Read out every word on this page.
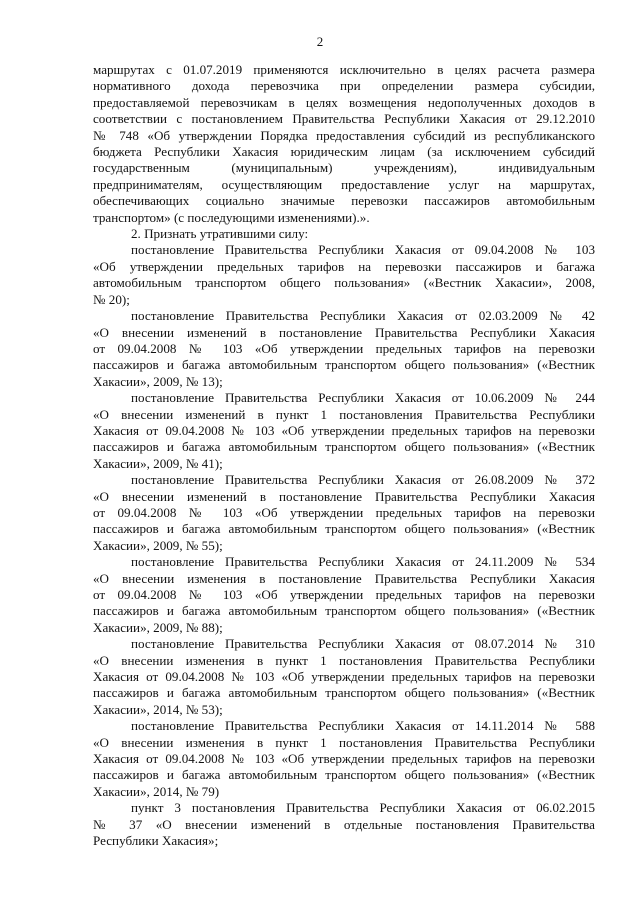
2
маршрутах с 01.07.2019 применяются исключительно в целях расчета размера
нормативного дохода перевозчика при определении размера субсидии,
предоставляемой перевозчикам в целях возмещения недополученных доходов в
соответствии с постановлением Правительства Республики Хакасия от 29.12.2010
№ 748 «Об утверждении Порядка предоставления субсидий из республиканского
бюджета Республики Хакасия юридическим лицам (за исключением субсидий
государственным (муниципальным) учреждениям), индивидуальным
предпринимателям, осуществляющим предоставление услуг на маршрутах,
обеспечивающих социально значимые перевозки пассажиров автомобильным
транспортом» (с последующими изменениями).».
2. Признать утратившими силу:
постановление Правительства Республики Хакасия от 09.04.2008 № 103
«Об утверждении предельных тарифов на перевозки пассажиров и багажа
автомобильным транспортом общего пользования» («Вестник Хакасии», 2008,
№ 20);
постановление Правительства Республики Хакасия от 02.03.2009 № 42
«О внесении изменений в постановление Правительства Республики Хакасия
от 09.04.2008 № 103 «Об утверждении предельных тарифов на перевозки
пассажиров и багажа автомобильным транспортом общего пользования» («Вестник
Хакасии», 2009, № 13);
постановление Правительства Республики Хакасия от 10.06.2009 № 244
«О внесении изменений в пункт 1 постановления Правительства Республики
Хакасия от 09.04.2008 № 103 «Об утверждении предельных тарифов на перевозки
пассажиров и багажа автомобильным транспортом общего пользования» («Вестник
Хакасии», 2009, № 41);
постановление Правительства Республики Хакасия от 26.08.2009 № 372
«О внесении изменений в постановление Правительства Республики Хакасия
от 09.04.2008 № 103 «Об утверждении предельных тарифов на перевозки
пассажиров и багажа автомобильным транспортом общего пользования» («Вестник
Хакасии», 2009, № 55);
постановление Правительства Республики Хакасия от 24.11.2009 № 534
«О внесении изменения в постановление Правительства Республики Хакасия
от 09.04.2008 № 103 «Об утверждении предельных тарифов на перевозки
пассажиров и багажа автомобильным транспортом общего пользования» («Вестник
Хакасии», 2009, № 88);
постановление Правительства Республики Хакасия от 08.07.2014 № 310
«О внесении изменения в пункт 1 постановления Правительства Республики
Хакасия от 09.04.2008 № 103 «Об утверждении предельных тарифов на перевозки
пассажиров и багажа автомобильным транспортом общего пользования» («Вестник
Хакасии», 2014, № 53);
постановление Правительства Республики Хакасия от 14.11.2014 № 588
«О внесении изменения в пункт 1 постановления Правительства Республики
Хакасия от 09.04.2008 № 103 «Об утверждении предельных тарифов на перевозки
пассажиров и багажа автомобильным транспортом общего пользования» («Вестник
Хакасии», 2014, № 79)
пункт 3 постановления Правительства Республики Хакасия от 06.02.2015
№ 37 «О внесении изменений в отдельные постановления Правительства
Республики Хакасия»;
